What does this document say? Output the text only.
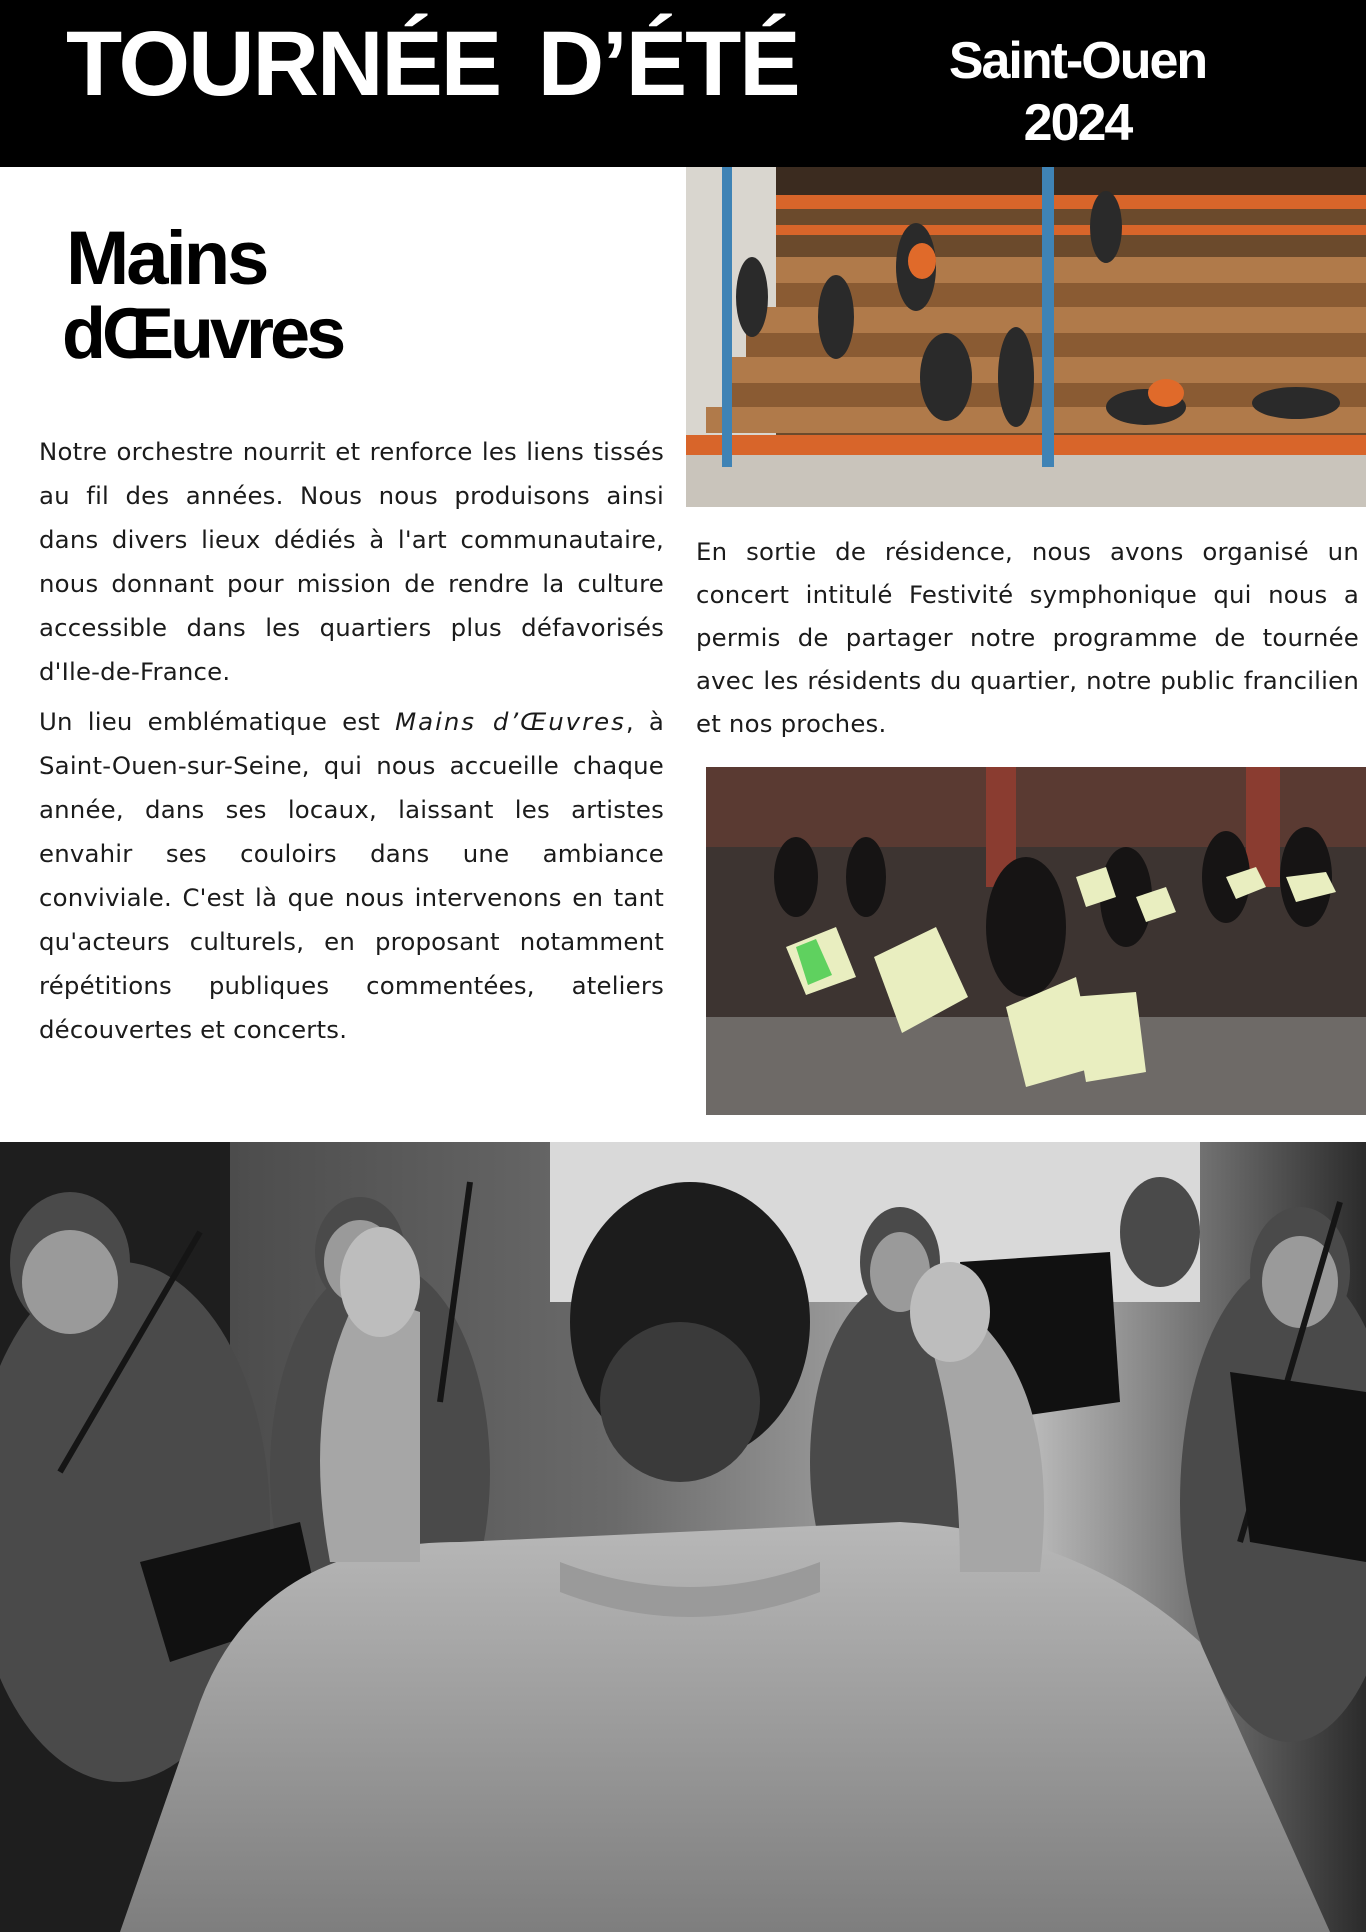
TOURNÉE D’ÉTÉ	Saint-Ouen
2024
Mains
dŒuvres

Notre orchestre nourrit et renforce les liens tissés au fil des années. Nous nous produisons ainsi dans divers lieux dédiés à l'art communautaire, nous donnant pour mission de rendre la culture accessible dans les quartiers plus défavorisés d'Ile-de-France.

Un lieu emblématique est Mains d’Œuvres, à Saint-Ouen-sur-Seine, qui nous accueille chaque année, dans ses locaux, laissant les artistes envahir ses couloirs dans une ambiance conviviale. C'est là que nous intervenons en tant qu'acteurs culturels, en proposant notamment répétitions publiques commentées, ateliers découvertes et concerts.

En sortie de résidence, nous avons organisé un concert intitulé Festivité symphonique qui nous a permis de partager notre programme de tournée avec les résidents du quartier, notre public francilien et nos proches.
